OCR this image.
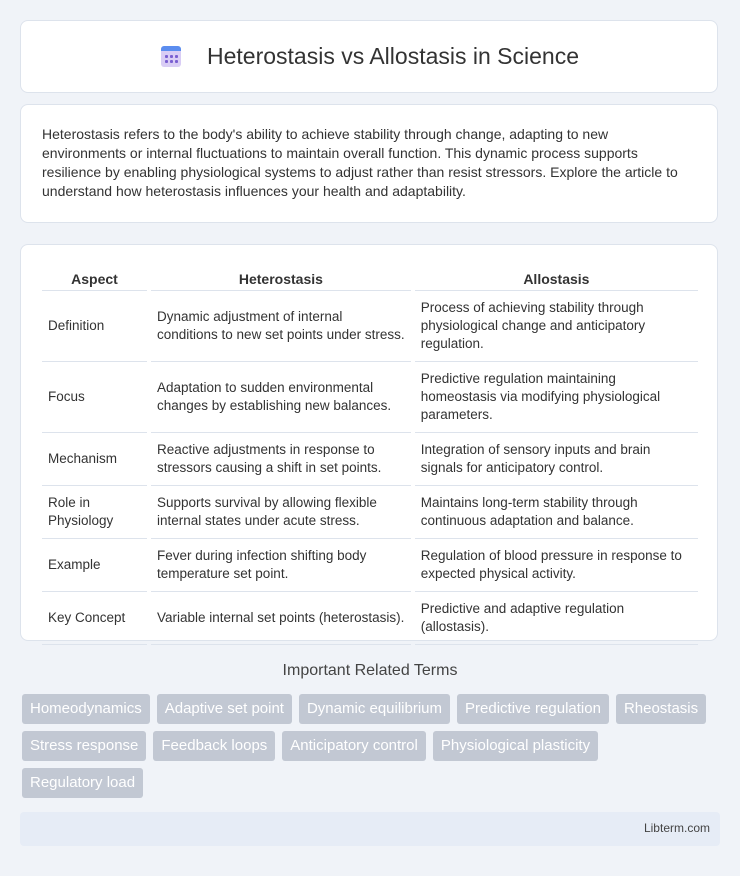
Heterostasis vs Allostasis in Science

Heterostasis refers to the body's ability to achieve stability through change, adapting to new environments or internal fluctuations to maintain overall function. This dynamic process supports resilience by enabling physiological systems to adjust rather than resist stressors. Explore the article to understand how heterostasis influences your health and adaptability.

Aspect	Heterostasis	Allostasis
Definition	Dynamic adjustment of internal conditions to new set points under stress.	Process of achieving stability through physiological change and anticipatory regulation.
Focus	Adaptation to sudden environmental changes by establishing new balances.	Predictive regulation maintaining homeostasis via modifying physiological parameters.
Mechanism	Reactive adjustments in response to stressors causing a shift in set points.	Integration of sensory inputs and brain signals for anticipatory control.
Role in Physiology	Supports survival by allowing flexible internal states under acute stress.	Maintains long-term stability through continuous adaptation and balance.
Example	Fever during infection shifting body temperature set point.	Regulation of blood pressure in response to expected physical activity.
Key Concept	Variable internal set points (heterostasis).	Predictive and adaptive regulation (allostasis).
Important Related Terms
Homeodynamics	Adaptive set point	Dynamic equilibrium	Predictive regulation	Rheostasis
Stress response	Feedback loops	Anticipatory control	Physiological plasticity
Regulatory load
Libterm.com
